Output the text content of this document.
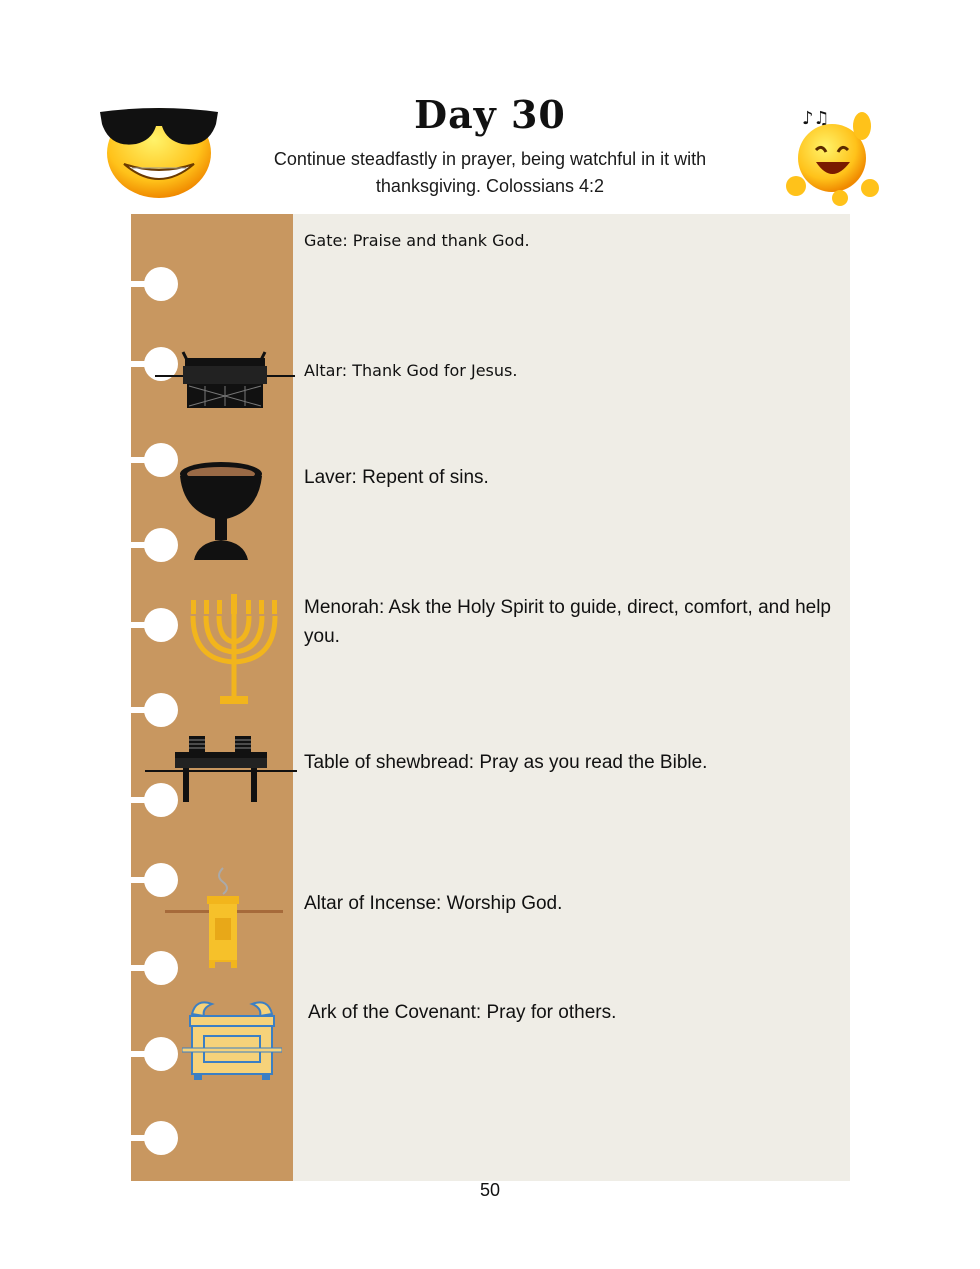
Day 30
Continue steadfastly in prayer, being watchful in it with thanksgiving. Colossians 4:2
♪♫
Gate: Praise and thank God.
Altar: Thank God for Jesus.
Laver: Repent of sins.
Menorah: Ask the Holy Spirit to guide, direct, comfort, and help you.
Table of shewbread: Pray as you read the Bible.
Altar of Incense: Worship God.
Ark of the Covenant: Pray for others.
50
